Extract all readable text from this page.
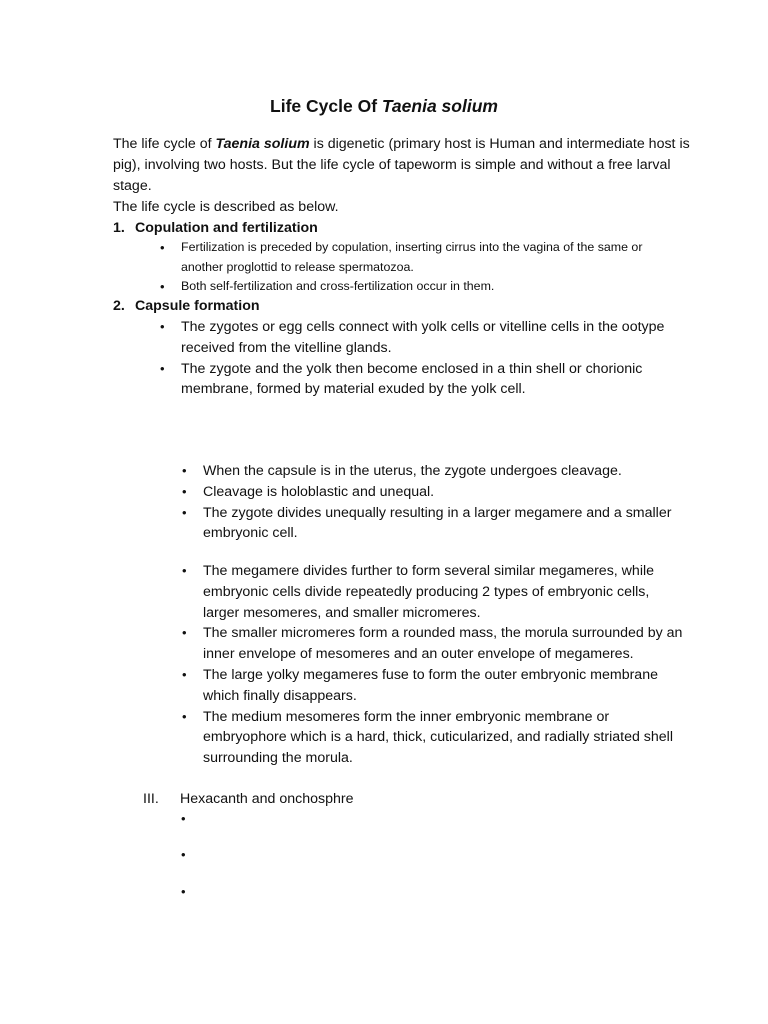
Life Cycle Of Taenia solium

The life cycle of Taenia solium is digenetic (primary host is Human and intermediate host is pig), involving two hosts. But the life cycle of tapeworm is simple and without a free larval stage.

The life cycle is described as below.

1. Copulation and fertilization
• Fertilization is preceded by copulation, inserting cirrus into the vagina of the same or another proglottid to release spermatozoa.
• Both self-fertilization and cross-fertilization occur in them.
2. Capsule formation
• The zygotes or egg cells connect with yolk cells or vitelline cells in the ootype received from the vitelline glands.
• The zygote and the yolk then become enclosed in a thin shell or chorionic membrane, formed by material exuded by the yolk cell.
• When the capsule is in the uterus, the zygote undergoes cleavage.
• Cleavage is holoblastic and unequal.
• The zygote divides unequally resulting in a larger megamere and a smaller embryonic cell.
• The megamere divides further to form several similar megameres, while embryonic cells divide repeatedly producing 2 types of embryonic cells, larger mesomeres, and smaller micromeres.
• The smaller micromeres form a rounded mass, the morula surrounded by an inner envelope of mesomeres and an outer envelope of megameres.
• The large yolky megameres fuse to form the outer embryonic membrane which finally disappears.
• The medium mesomeres form the inner embryonic membrane or embryophore which is a hard, thick, cuticularized, and radially striated shell surrounding the morula.
III. Hexacanth and onchosphre
•
•
•
